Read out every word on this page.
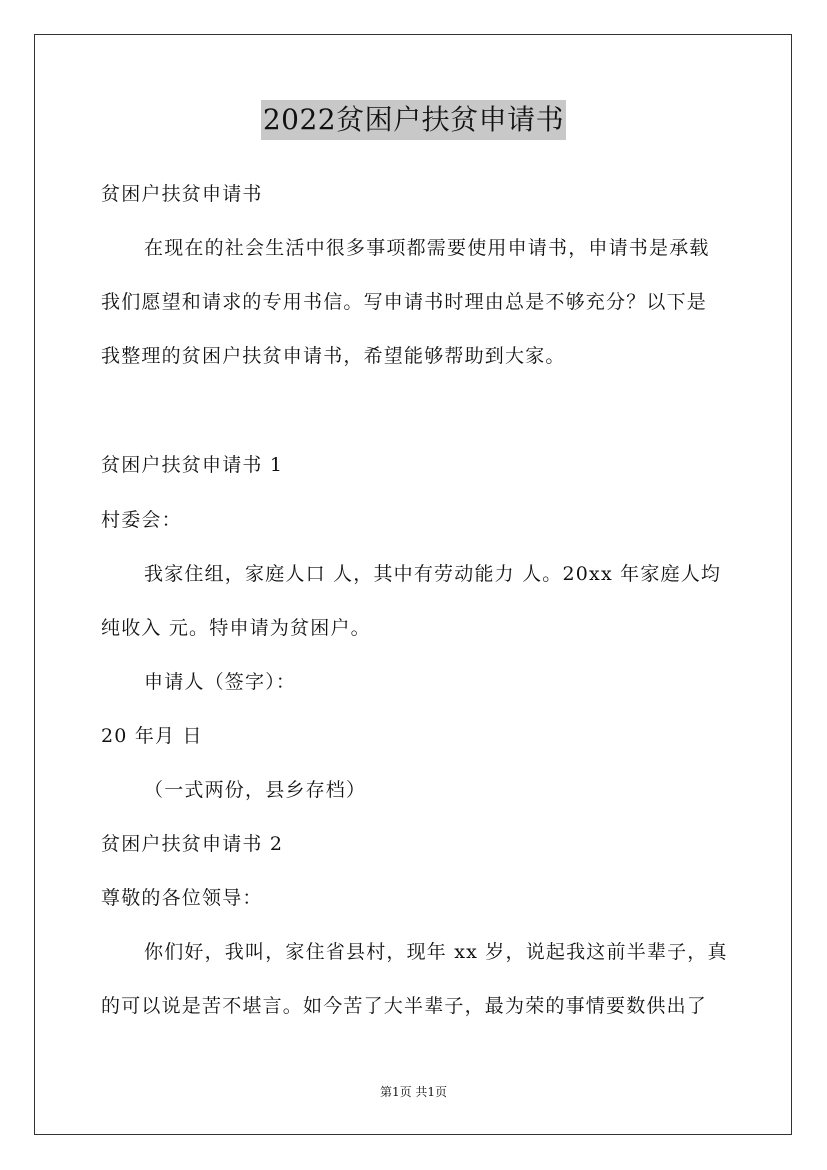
2022贫困户扶贫申请书
贫困户扶贫申请书
在现在的社会生活中很多事项都需要使用申请书，申请书是承载
我们愿望和请求的专用书信。写申请书时理由总是不够充分？以下是
我整理的贫困户扶贫申请书，希望能够帮助到大家。
贫困户扶贫申请书 1
村委会：
我家住组，家庭人口 人，其中有劳动能力 人。20xx 年家庭人均
纯收入 元。特申请为贫困户。
申请人（签字）：
20 年月 日
（一式两份，县乡存档）
贫困户扶贫申请书 2
尊敬的各位领导：
你们好，我叫，家住省县村，现年 xx 岁，说起我这前半辈子，真
的可以说是苦不堪言。如今苦了大半辈子，最为荣的事情要数供出了
第1页 共1页
